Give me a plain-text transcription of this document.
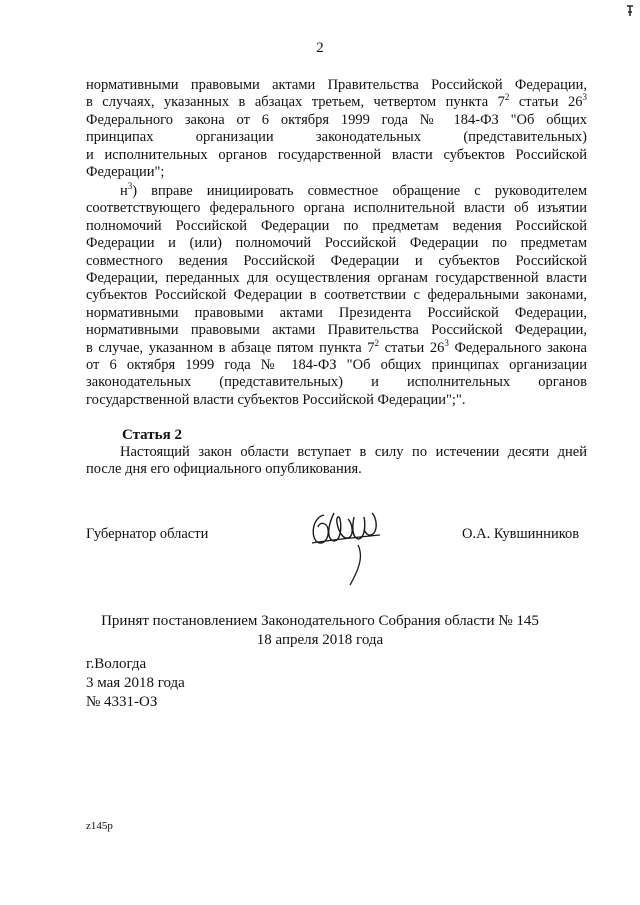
2
нормативными правовыми актами Правительства Российской Федерации,
в случаях, указанных в абзацах третьем, четвертом пункта $7^2$ статьи $26^3$
Федерального закона от 6 октября 1999 года № 184-ФЗ "Об общих
принципах организации законодательных (представительных)
и исполнительных органов государственной власти субъектов Российской
Федерации";
$н^3$) вправе инициировать совместное обращение с руководителем
соответствующего федерального органа исполнительной власти об изъятии
полномочий Российской Федерации по предметам ведения Российской
Федерации и (или) полномочий Российской Федерации по предметам
совместного ведения Российской Федерации и субъектов Российской
Федерации, переданных для осуществления органам государственной власти
субъектов Российской Федерации в соответствии с федеральными законами,
нормативными правовыми актами Президента Российской Федерации,
нормативными правовыми актами Правительства Российской Федерации,
в случае, указанном в абзаце пятом пункта $7^2$ статьи $26^3$ Федерального закона
от 6 октября 1999 года № 184-ФЗ "Об общих принципах организации
законодательных (представительных) и исполнительных органов
государственной власти субъектов Российской Федерации";".
Статья 2
Настоящий закон области вступает в силу по истечении десяти дней
после дня его официального опубликования.
Губернатор области	О.А. Кувшинников
Принят постановлением Законодательного Собрания области № 145
18 апреля 2018 года
г.Вологда
3 мая 2018 года
№ 4331-ОЗ
z145p
